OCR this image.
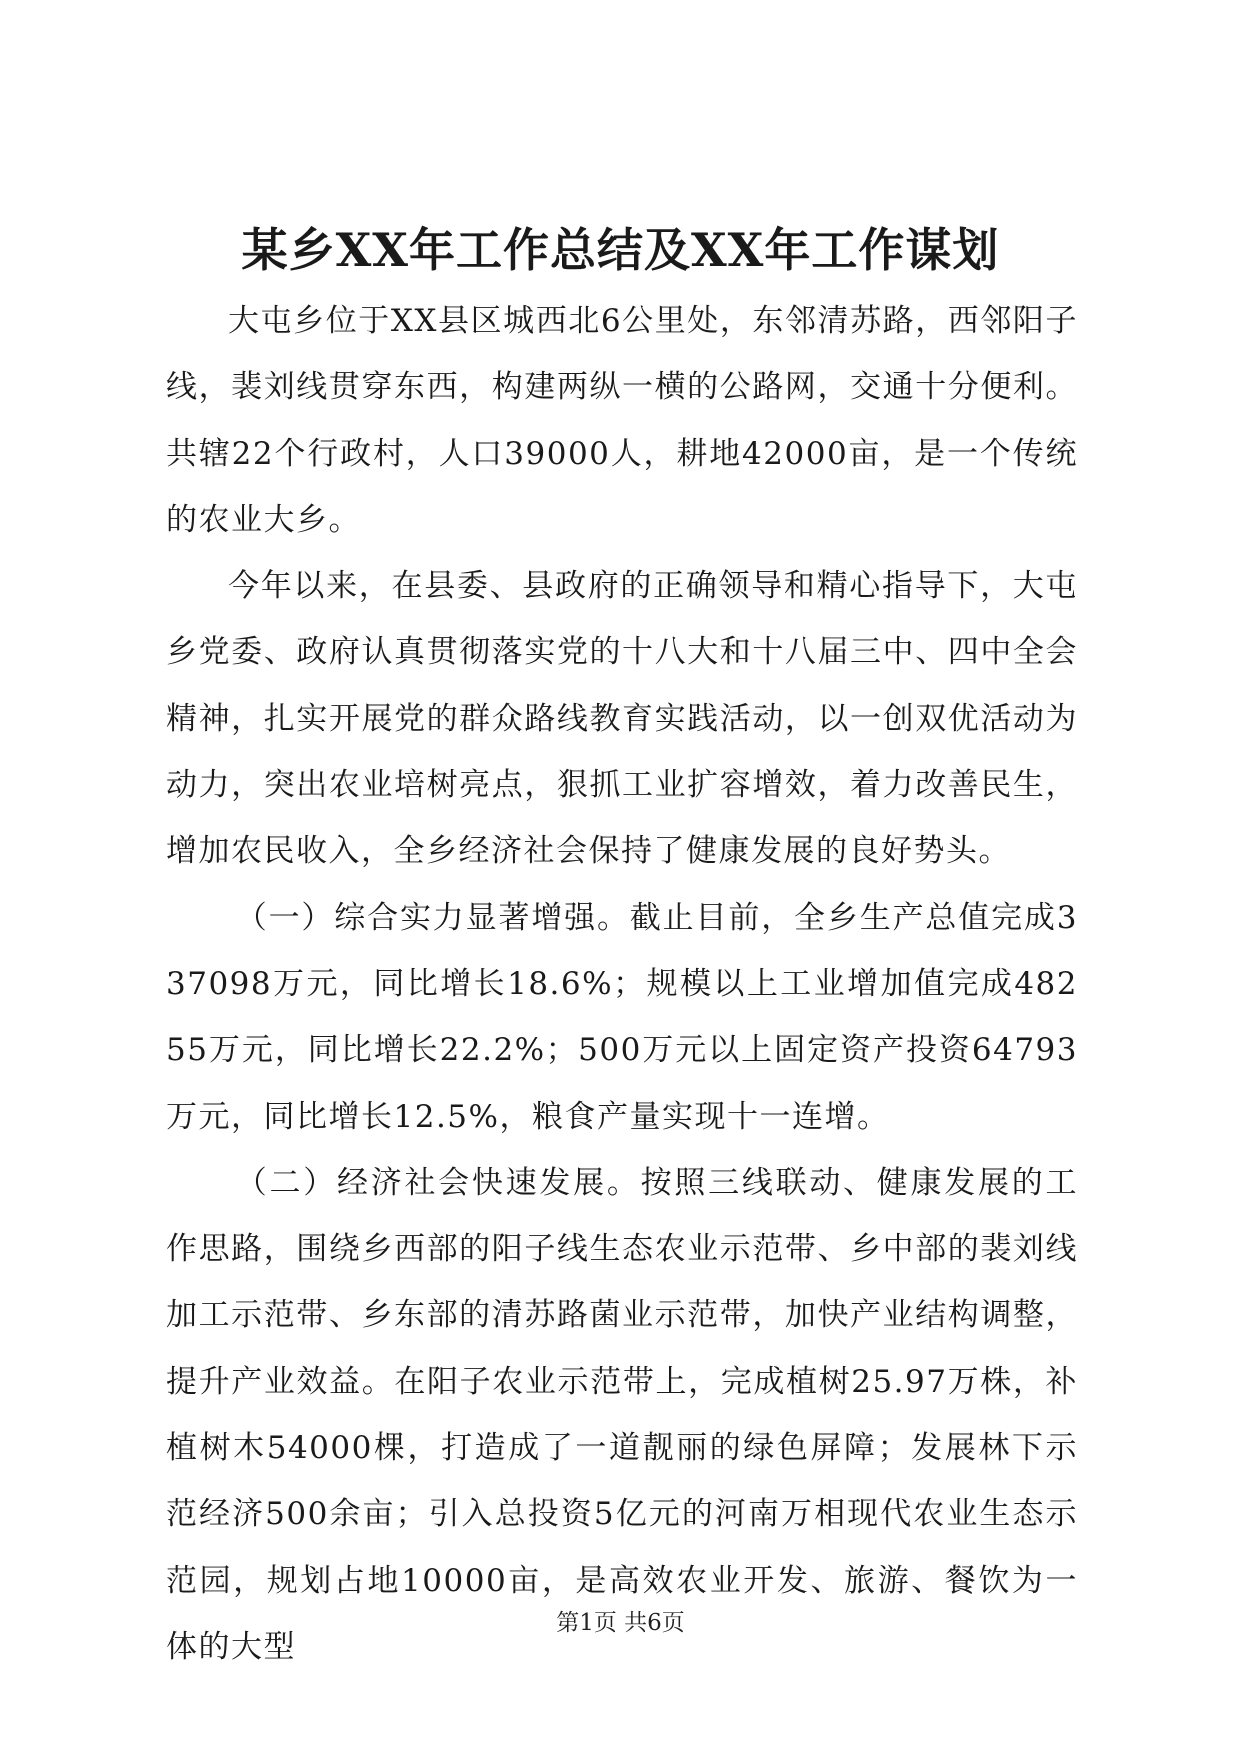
某乡XX年工作总结及XX年工作谋划

大屯乡位于XX县区城西北6公里处，东邻清苏路，西邻阳子线，裴刘线贯穿东西，构建两纵一横的公路网，交通十分便利。共辖22个行政村，人口39000人，耕地42000亩，是一个传统的农业大乡。

今年以来，在县委、县政府的正确领导和精心指导下，大屯乡党委、政府认真贯彻落实党的十八大和十八届三中、四中全会精神，扎实开展党的群众路线教育实践活动，以一创双优活动为动力，突出农业培树亮点，狠抓工业扩容增效，着力改善民生，增加农民收入，全乡经济社会保持了健康发展的良好势头。

（一）综合实力显著增强。截止目前，全乡生产总值完成337098万元，同比增长18.6%；规模以上工业增加值完成48255万元，同比增长22.2%；500万元以上固定资产投资64793万元，同比增长12.5%，粮食产量实现十一连增。

（二）经济社会快速发展。按照三线联动、健康发展的工作思路，围绕乡西部的阳子线生态农业示范带、乡中部的裴刘线加工示范带、乡东部的清苏路菌业示范带，加快产业结构调整，提升产业效益。在阳子农业示范带上，完成植树25.97万株，补植树木54000棵，打造成了一道靓丽的绿色屏障；发展林下示范经济500余亩；引入总投资5亿元的河南万相现代农业生态示范园，规划占地10000亩，是高效农业开发、旅游、餐饮为一体的大型

第1页 共6页
